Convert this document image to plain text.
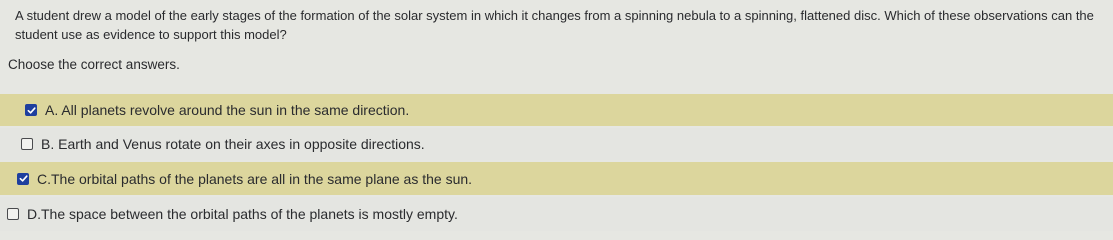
A student drew a model of the early stages of the formation of the solar system in which it changes from a spinning nebula to a spinning, flattened disc. Which of these observations can the student use as evidence to support this model?

Choose the correct answers.

A. All planets revolve around the sun in the same direction.
B. Earth and Venus rotate on their axes in opposite directions.
C.The orbital paths of the planets are all in the same plane as the sun.
D.The space between the orbital paths of the planets is mostly empty.
